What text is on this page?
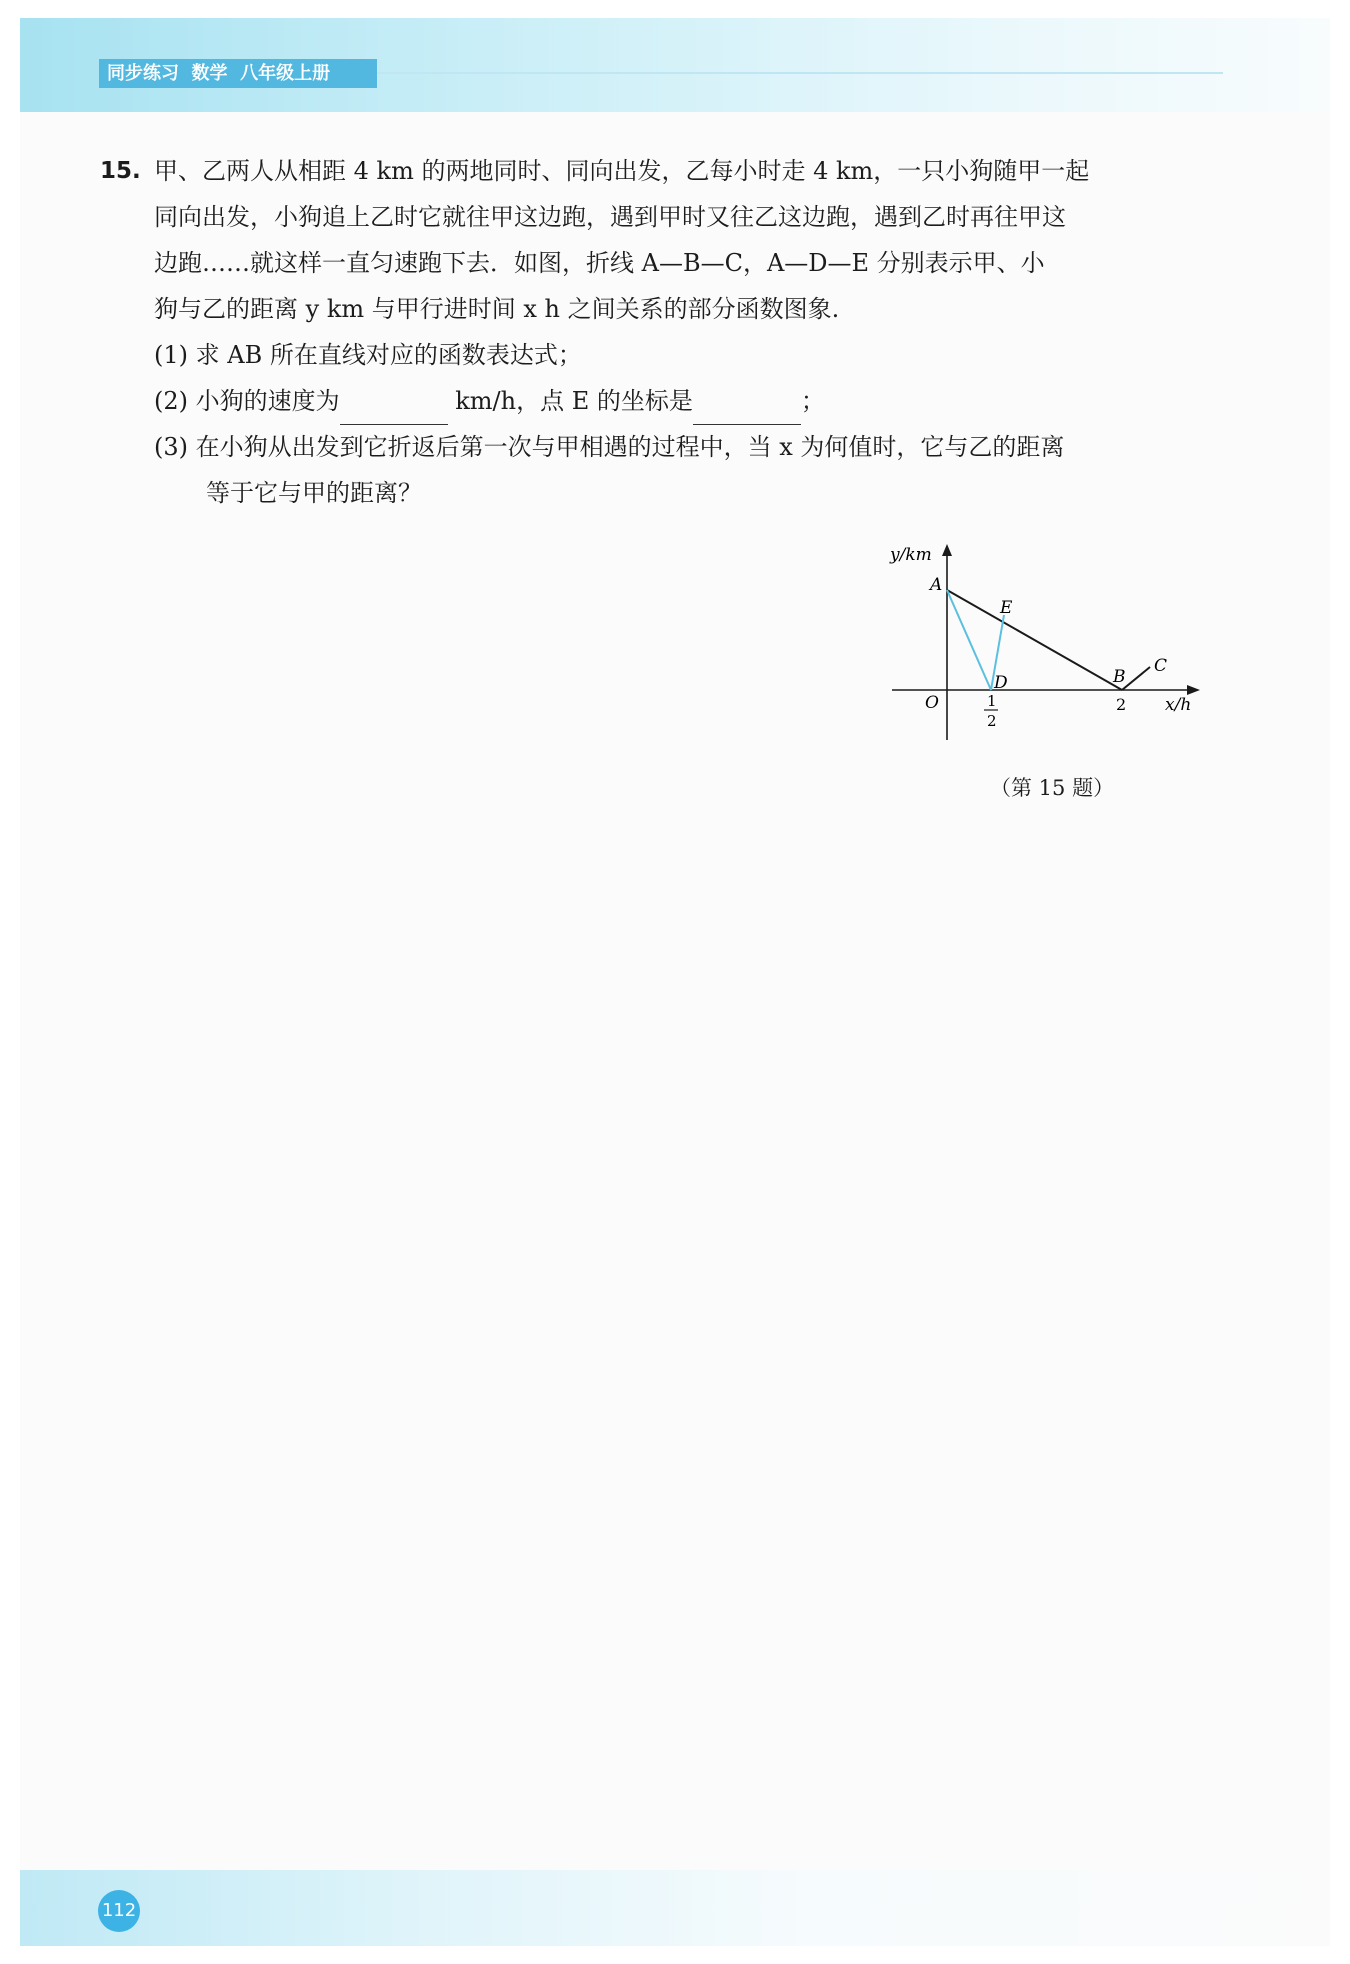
同步练习  数学  八年级上册
15. 甲、乙两人从相距 4 km 的两地同时、同向出发，乙每小时走 4 km，一只小狗随甲一起
同向出发，小狗追上乙时它就往甲这边跑，遇到甲时又往乙这边跑，遇到乙时再往甲这
边跑……就这样一直匀速跑下去．如图，折线 A—B—C，A—D—E 分别表示甲、小
狗与乙的距离 y km 与甲行进时间 x h 之间关系的部分函数图象.
(1) 求 AB 所在直线对应的函数表达式；
(2) 小狗的速度为	km/h，点 E 的坐标是	；
(3) 在小狗从出发到它折返后第一次与甲相遇的过程中，当 x 为何值时，它与乙的距离
等于它与甲的距离？
y/km
A
E
D	B
C
O	1
2
2 x/h
（第 15 题）
112
